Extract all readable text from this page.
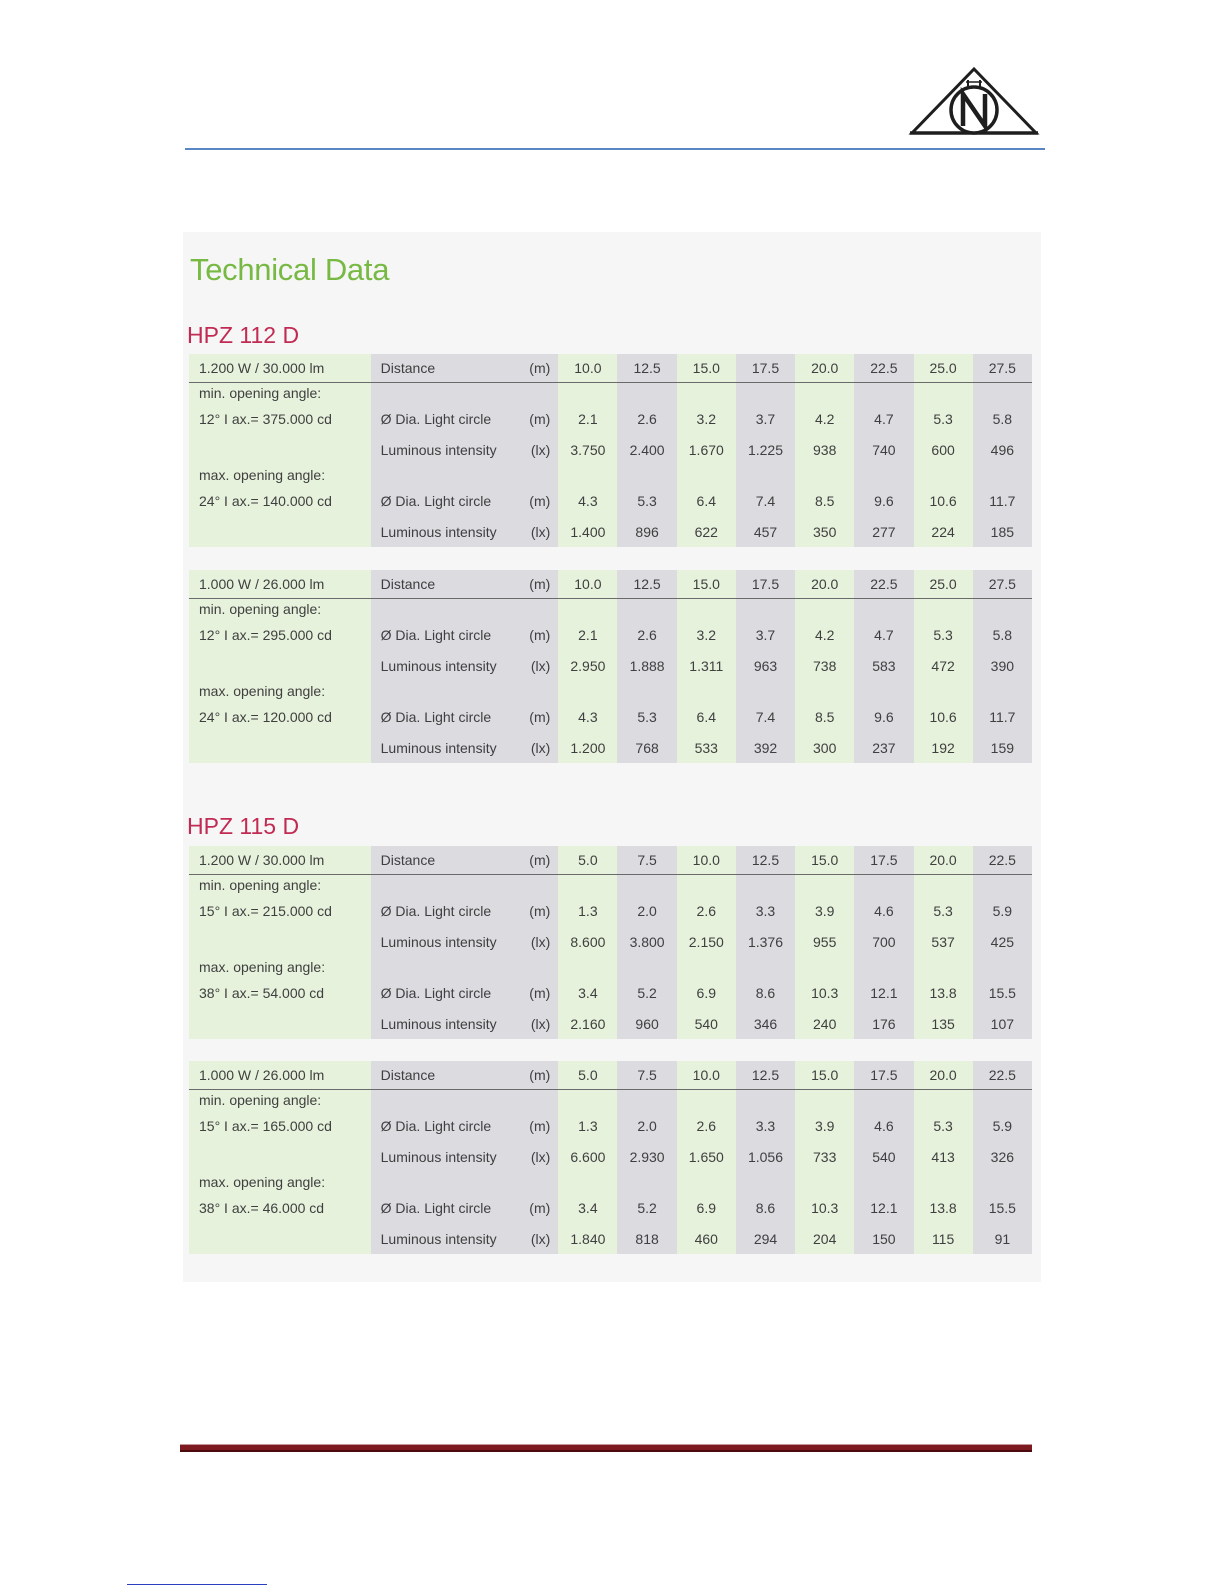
Technical Data
HPZ 112 D
1.200 W / 30.000 lm	Distance	(m)	10.0	12.5	15.0	17.5	20.0	22.5	25.0	27.5
min. opening angle:										
12° I ax.= 375.000 cd	Ø Dia. Light circle	(m)	2.1	2.6	3.2	3.7	4.2	4.7	5.3	5.8
	Luminous intensity	(lx)	3.750	2.400	1.670	1.225	938	740	600	496
max. opening angle:										
24° I ax.= 140.000 cd	Ø Dia. Light circle	(m)	4.3	5.3	6.4	7.4	8.5	9.6	10.6	11.7
	Luminous intensity	(lx)	1.400	896	622	457	350	277	224	185
1.000 W / 26.000 lm	Distance	(m)	10.0	12.5	15.0	17.5	20.0	22.5	25.0	27.5
min. opening angle:										
12° I ax.= 295.000 cd	Ø Dia. Light circle	(m)	2.1	2.6	3.2	3.7	4.2	4.7	5.3	5.8
	Luminous intensity	(lx)	2.950	1.888	1.311	963	738	583	472	390
max. opening angle:										
24° I ax.= 120.000 cd	Ø Dia. Light circle	(m)	4.3	5.3	6.4	7.4	8.5	9.6	10.6	11.7
	Luminous intensity	(lx)	1.200	768	533	392	300	237	192	159
HPZ 115 D
1.200 W / 30.000 lm	Distance	(m)	5.0	7.5	10.0	12.5	15.0	17.5	20.0	22.5
min. opening angle:										
15° I ax.= 215.000 cd	Ø Dia. Light circle	(m)	1.3	2.0	2.6	3.3	3.9	4.6	5.3	5.9
	Luminous intensity	(lx)	8.600	3.800	2.150	1.376	955	700	537	425
max. opening angle:										
38° I ax.= 54.000 cd	Ø Dia. Light circle	(m)	3.4	5.2	6.9	8.6	10.3	12.1	13.8	15.5
	Luminous intensity	(lx)	2.160	960	540	346	240	176	135	107
1.000 W / 26.000 lm	Distance	(m)	5.0	7.5	10.0	12.5	15.0	17.5	20.0	22.5
min. opening angle:										
15° I ax.= 165.000 cd	Ø Dia. Light circle	(m)	1.3	2.0	2.6	3.3	3.9	4.6	5.3	5.9
	Luminous intensity	(lx)	6.600	2.930	1.650	1.056	733	540	413	326
max. opening angle:										
38° I ax.= 46.000 cd	Ø Dia. Light circle	(m)	3.4	5.2	6.9	8.6	10.3	12.1	13.8	15.5
	Luminous intensity	(lx)	1.840	818	460	294	204	150	115	91
